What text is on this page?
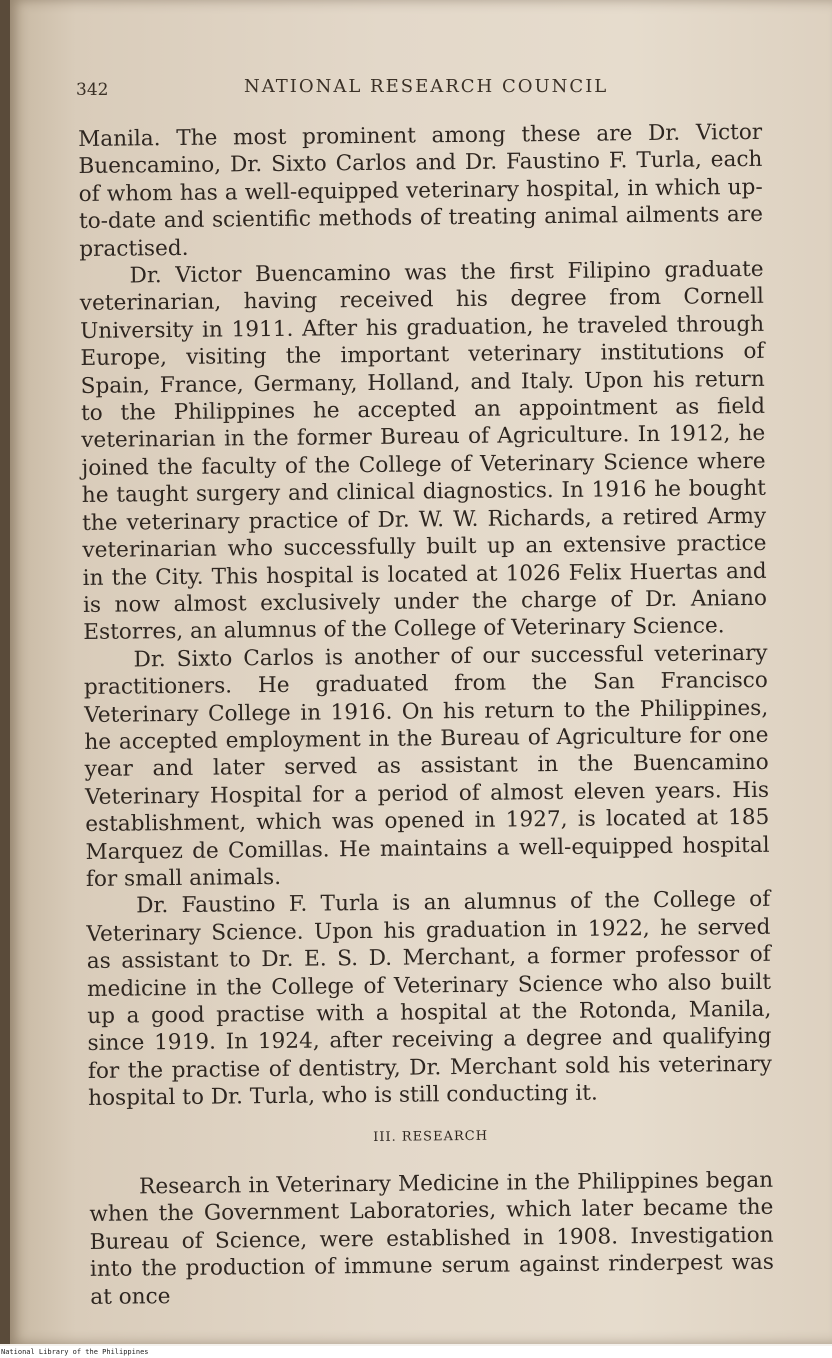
342	NATIONAL RESEARCH COUNCIL

Manila. The most prominent among these are Dr. Victor Buencamino, Dr. Sixto Carlos and Dr. Faustino F. Turla, each of whom has a well-equipped veterinary hospital, in which up-to-date and scientific methods of treating animal ailments are practised.

Dr. Victor Buencamino was the first Filipino graduate veterinarian, having received his degree from Cornell University in 1911. After his graduation, he traveled through Europe, visiting the important veterinary institutions of Spain, France, Germany, Holland, and Italy. Upon his return to the Philippines he accepted an appointment as field veterinarian in the former Bureau of Agriculture. In 1912, he joined the faculty of the College of Veterinary Science where he taught surgery and clinical diagnostics. In 1916 he bought the veterinary practice of Dr. W. W. Richards, a retired Army veterinarian who successfully built up an extensive practice in the City. This hospital is located at 1026 Felix Huertas and is now almost exclusively under the charge of Dr. Aniano Estorres, an alumnus of the College of Veterinary Science.

Dr. Sixto Carlos is another of our successful veterinary practitioners. He graduated from the San Francisco Veterinary College in 1916. On his return to the Philippines, he accepted employment in the Bureau of Agriculture for one year and later served as assistant in the Buencamino Veterinary Hospital for a period of almost eleven years. His establishment, which was opened in 1927, is located at 185 Marquez de Comillas. He maintains a well-equipped hospital for small animals.

Dr. Faustino F. Turla is an alumnus of the College of Veterinary Science. Upon his graduation in 1922, he served as assistant to Dr. E. S. D. Merchant, a former professor of medicine in the College of Veterinary Science who also built up a good practise with a hospital at the Rotonda, Manila, since 1919. In 1924, after receiving a degree and qualifying for the practise of dentistry, Dr. Merchant sold his veterinary hospital to Dr. Turla, who is still conducting it.

III. RESEARCH

Research in Veterinary Medicine in the Philippines began when the Government Laboratories, which later became the Bureau of Science, were established in 1908. Investigation into the production of immune serum against rinderpest was at once

National Library of the Philippines
